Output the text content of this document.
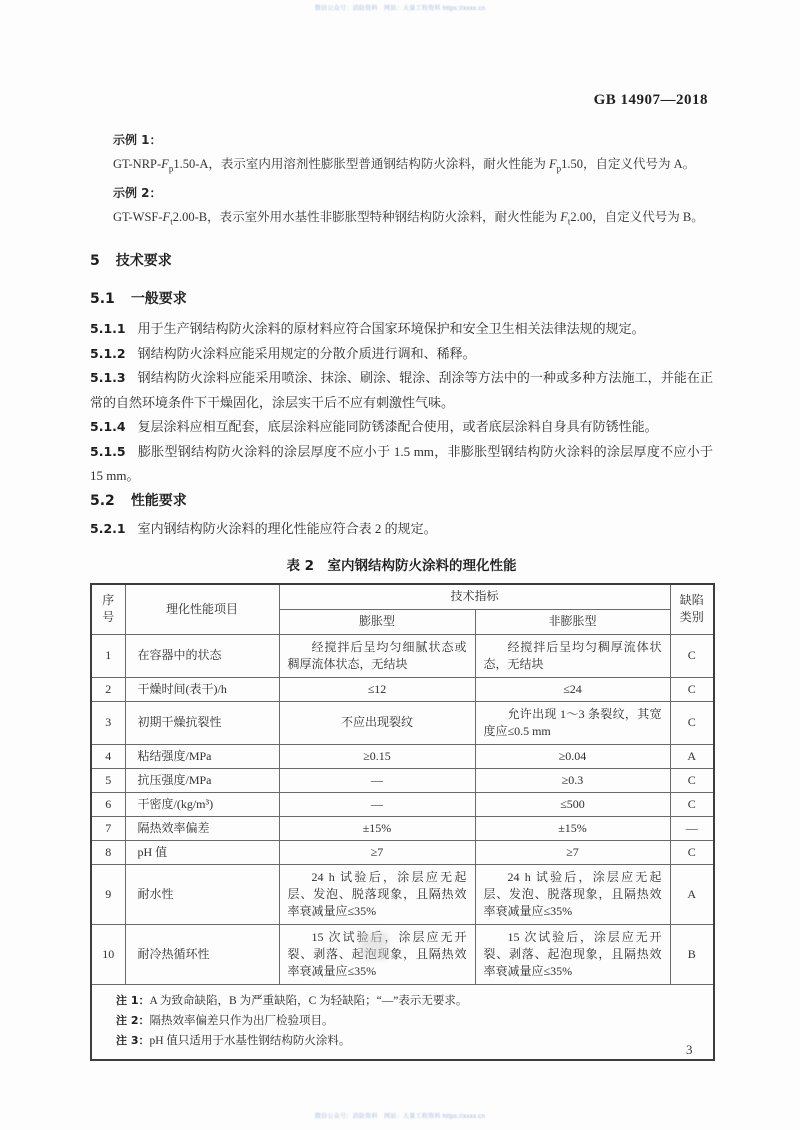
微信公众号：消防资料　网站：大量工程资料 https://xxxx.cn
GB 14907—2018
示例 1：
$GT-NRP-F_p1.50-A$，表示室内用溶剂性膨胀型普通钢结构防火涂料，耐火性能为 $F_p1.50$，自定义代号为 A。
示例 2：
$GT-WSF-F_t2.00-B$，表示室外用水基性非膨胀型特种钢结构防火涂料，耐火性能为 $F_t2.00$，自定义代号为 B。
5 技术要求
5.1 一般要求
5.1.1 用于生产钢结构防火涂料的原材料应符合国家环境保护和安全卫生相关法律法规的规定。
5.1.2 钢结构防火涂料应能采用规定的分散介质进行调和、稀释。
5.1.3 钢结构防火涂料应能采用喷涂、抹涂、刷涂、辊涂、刮涂等方法中的一种或多种方法施工，并能在正常的自然环境条件下干燥固化，涂层实干后不应有刺激性气味。
5.1.4 复层涂料应相互配套，底层涂料应能同防锈漆配合使用，或者底层涂料自身具有防锈性能。
5.1.5 膨胀型钢结构防火涂料的涂层厚度不应小于 1.5 mm，非膨胀型钢结构防火涂料的涂层厚度不应小于 15 mm。
5.2 性能要求
5.2.1 室内钢结构防火涂料的理化性能应符合表 2 的规定。
表 2　室内钢结构防火涂料的理化性能
序号	理化性能项目	技术指标		缺陷类别
		膨胀型	非膨胀型	
1	在容器中的状态	经搅拌后呈均匀细腻状态或稠厚流体状态，无结块	经搅拌后呈均匀稠厚流体状态，无结块	C
2	干燥时间(表干)/h	≤12	≤24	C
3	初期干燥抗裂性	不应出现裂纹	允许出现 1～3 条裂纹，其宽度应≤0.5 mm	C
4	粘结强度/MPa	≥0.15	≥0.04	A
5	抗压强度/MPa	—	≥0.3	C
6	干密度/(kg/m³)	—	≤500	C
7	隔热效率偏差	±15%	±15%	—
8	pH 值	≥7	≥7	C
9	耐水性	24 h 试验后，涂层应无起层、发泡、脱落现象，且隔热效率衰减量应≤35%	24 h 试验后，涂层应无起层、发泡、脱落现象，且隔热效率衰减量应≤35%	A
10	耐冷热循环性	15 次试验后，涂层应无开裂、剥落、起泡现象，且隔热效率衰减量应≤35%	15 次试验后，涂层应无开裂、剥落、起泡现象，且隔热效率衰减量应≤35%	B

注 1：A 为致命缺陷，B 为严重缺陷，C 为轻缺陷；“—”表示无要求。
注 2：隔热效率偏差只作为出厂检验项目。
注 3：pH 值只适用于水基性钢结构防火涂料。				
3
微信公众号：消防资料　网站：大量工程资料 https://xxxx.cn
